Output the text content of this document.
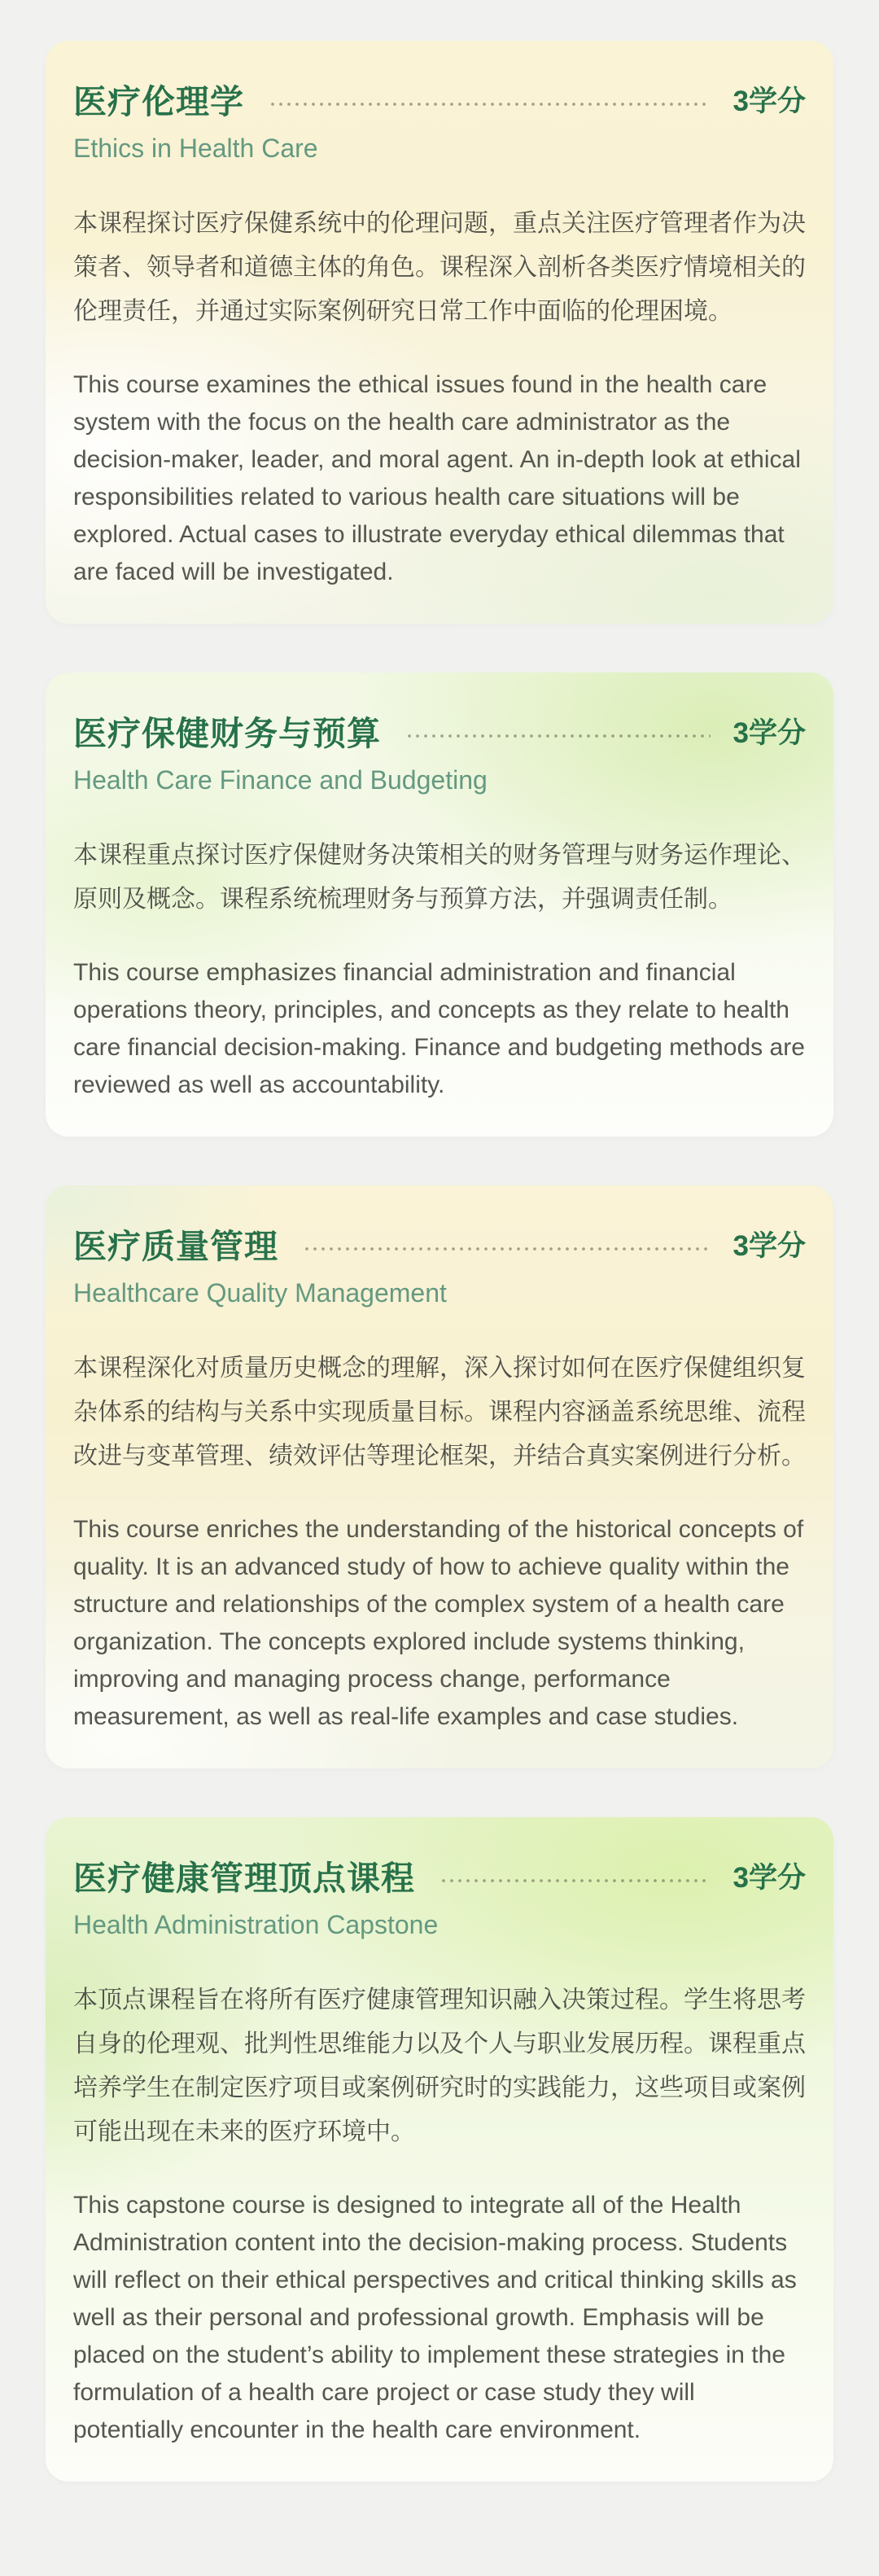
医疗伦理学	3学分
Ethics in Health Care

本课程探讨医疗保健系统中的伦理问题，重点关注医疗管理者作为决策者、领导者和道德主体的角色。课程深入剖析各类医疗情境相关的伦理责任，并通过实际案例研究日常工作中面临的伦理困境。

This course examines the ethical issues found in the health care system with the focus on the health care administrator as the decision-maker, leader, and moral agent. An in-depth look at ethical responsibilities related to various health care situations will be explored. Actual cases to illustrate everyday ethical dilemmas that are faced will be investigated.

医疗保健财务与预算	3学分
Health Care Finance and Budgeting

本课程重点探讨医疗保健财务决策相关的财务管理与财务运作理论、原则及概念。课程系统梳理财务与预算方法，并强调责任制。

This course emphasizes financial administration and financial operations theory, principles, and concepts as they relate to health care financial decision-making. Finance and budgeting methods are reviewed as well as accountability.

医疗质量管理	3学分
Healthcare Quality Management

本课程深化对质量历史概念的理解，深入探讨如何在医疗保健组织复杂体系的结构与关系中实现质量目标。课程内容涵盖系统思维、流程改进与变革管理、绩效评估等理论框架，并结合真实案例进行分析。

This course enriches the understanding of the historical concepts of quality. It is an advanced study of how to achieve quality within the structure and relationships of the complex system of a health care organization. The concepts explored include systems thinking, improving and managing process change, performance measurement, as well as real-life examples and case studies.

医疗健康管理顶点课程	3学分
Health Administration Capstone

本顶点课程旨在将所有医疗健康管理知识融入决策过程。学生将思考自身的伦理观、批判性思维能力以及个人与职业发展历程。课程重点培养学生在制定医疗项目或案例研究时的实践能力，这些项目或案例可能出现在未来的医疗环境中。

This capstone course is designed to integrate all of the Health Administration content into the decision-making process. Students will reflect on their ethical perspectives and critical thinking skills as well as their personal and professional growth. Emphasis will be placed on the student’s ability to implement these strategies in the formulation of a health care project or case study they will potentially encounter in the health care environment.
